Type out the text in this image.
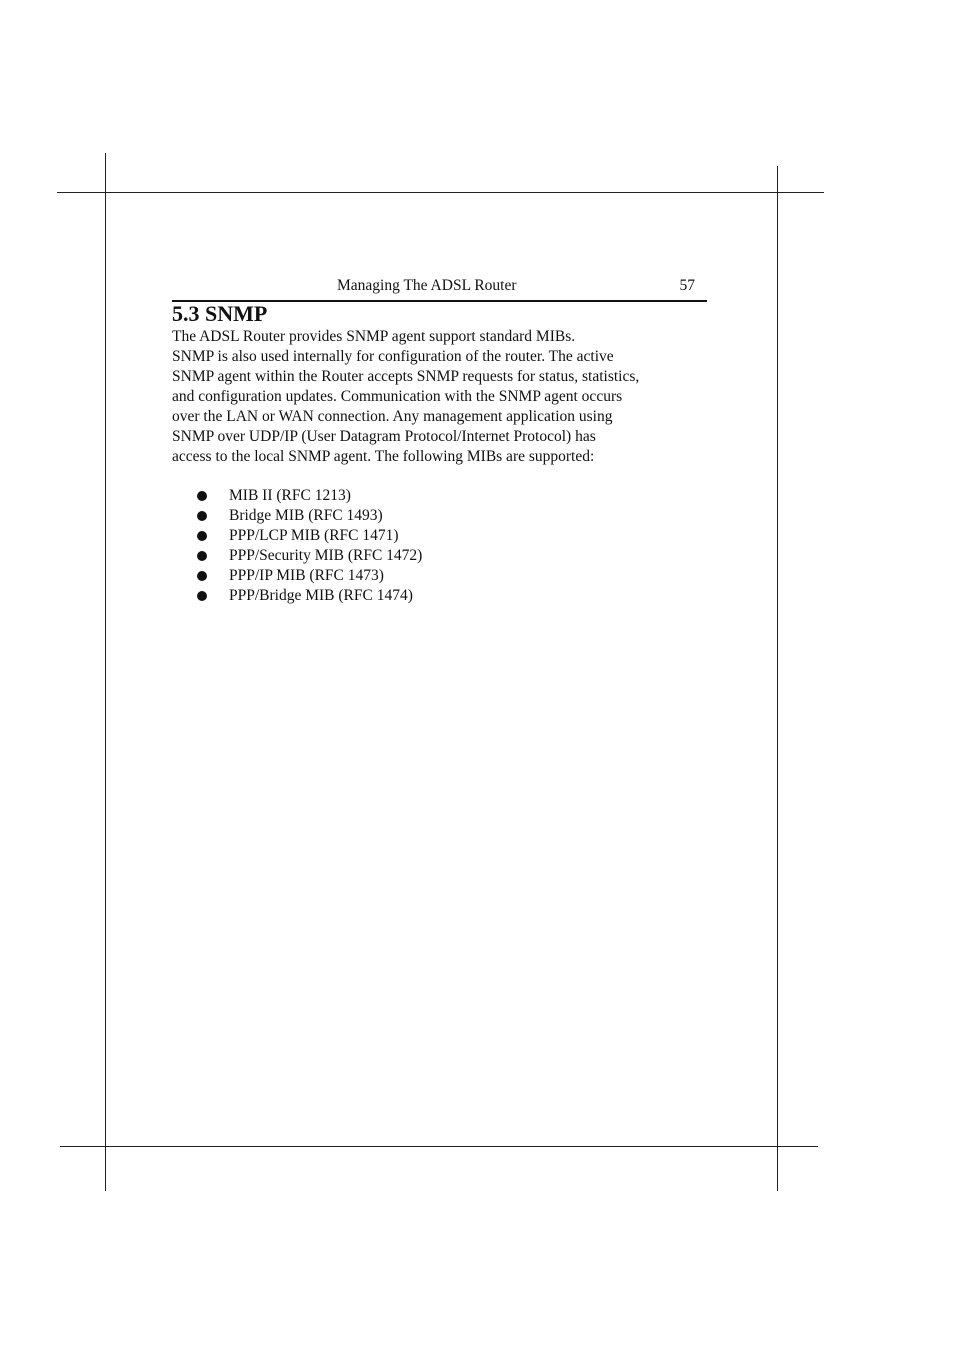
Managing The ADSL Router	57
5.3 SNMP

The ADSL Router provides SNMP agent support standard MIBs.
SNMP is also used internally for configuration of the router. The active
SNMP agent within the Router accepts SNMP requests for status, statistics,
and configuration updates. Communication with the SNMP agent occurs
over the LAN or WAN connection. Any management application using
SNMP over UDP/IP (User Datagram Protocol/Internet Protocol) has
access to the local SNMP agent. The following MIBs are supported:

MIB II (RFC 1213)
Bridge MIB (RFC 1493)
PPP/LCP MIB (RFC 1471)
PPP/Security MIB (RFC 1472)
PPP/IP MIB (RFC 1473)
PPP/Bridge MIB (RFC 1474)
